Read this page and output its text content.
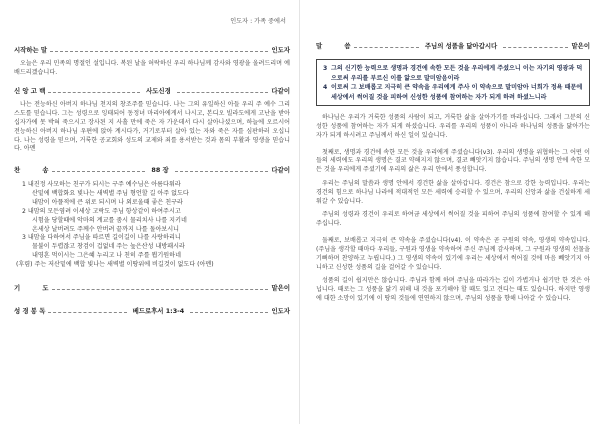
인도자 : 가족 중에서
시작하는 말	인도자

오늘은 우리 민족의 명절인 설입니다. 복된 날을 허락하신 우리 하나님께 감사와 영광을 올려드리며 예배드리겠습니다.

신 앙 고 백	사도신경	다같이

나는 전능하신 아버지 하나님 천지의 창조주를 믿습니다. 나는 그의 유일하신 아들 우리 주 예수 그리스도를 믿습니다. 그는 성령으로 잉태되어 동정녀 마리아에게서 나시고, 본디오 빌라도에게 고난을 받아 십자가에 못 박혀 죽으시고 장사된 지 사흘 만에 죽은 자 가운데서 다시 살아나셨으며, 하늘에 오르시어 전능하신 아버지 하나님 우편에 앉아 계시다가, 거기로부터 살아 있는 자와 죽은 자를 심판하러 오십니다. 나는 성령을 믿으며, 거룩한 공교회와 성도의 교제와 죄를 용서받는 것과 몸의 부활과 영생을 믿습니다. 아멘

찬          송	88 장	다같이
1 내진정 사모하는 친구가 되시는 구주 예수님은 아름다워라
산밑에 백합화요 빛나는 새벽별 주님 형언할 길 아주 없도다
내맘이 아플적에 큰 위로 되시며 나 외로울때 좋은 친구라
2 내맘의 모든염려 이세상 고락도 주님 항상같이 하여주시고
시험을 당할때에 악마의 계교를 줌시 물리치사 나를 지키네
온세상 날버려도 주께수 안버려 끝까지 나를 돌아보시니
3 내맘을 다하여서 주님을 따르면 길이길이 나를 사랑하리니
물불이 두렵잖고 창검이 겁없네 주는 높은산성 내방패시라
내영혼 먹이시는 그은혜 누리고 나 친히 주를 뵙기원하네
(후렴) 주는 저산밑에 백합 빛나는 새벽별 이땅위에 비길것이 없도다 (아멘)
기          도	맡은이
성 경 봉 독	베드로후서 1:3-4	인도자
말          씀	주님의 성품을 닮아갑시다	맡은이
3 그의 신기한 능력으로 생명과 경건에 속한 모든 것을 우리에게 주셨으니 이는 자기의 영광과 덕으로써 우리를 부르신 이를 앎으로 말미암음이라
4 이로써 그 보배롭고 지극히 큰 약속을 우리에게 주사 이 약속으로 말미암아 너희가 정욕 때문에 세상에서 썩어질 것을 피하여 신성한 성품에 참여하는 자가 되게 하려 하셨느니라

하나님은 우리가 거룩한 성품의 사람이 되고, 거룩한 삶을 살아가기를 바라십니다. 그래서 그분의 신성한 성품에 참여하는 자가 되게 하셨습니다. 우리를 우리의 성품이 아니라 하나님의 성품을 닮아가는 자가 되게 하시려고 주님께서 하신 일이 있습니다.

첫째로, 생명과 경건에 속한 모든 것을 우리에게 주셨습니다(v3). 우리의 생명을 위협하는 그 어떤 이들의 세력에도 우리의 생명은 결코 약해지지 않으며, 결코 빼앗기지 않습니다. 주님의 생명 안에 속한 모든 것을 우리에게 주셨기에 우리의 삶은 우리 안에서 풍성합니다.

우리는 주님의 말씀과 생명 안에서 경건한 삶을 살아갑니다. 경건은 참으로 강한 능력입니다. 우리는 경건의 힘으로 하나님 나라에 적대적인 모든 세력에 승리할 수 있으며, 우리의 신앙과 삶을 건실하게 세워갈 수 있습니다.

주님의 성령과 경건이 우리로 하여금 세상에서 썩어질 것을 피하여 주님의 성품에 참여할 수 있게 해주십니다.

둘째로, 보배롭고 지극히 큰 약속을 주셨습니다(v4). 이 약속은 곧 구원의 약속, 영생의 약속입니다. (주님을 생각할 때마다 우리들, 구원과 영생을 약속하여 주신 주님께 감사하며, 그 구원과 영생의 선물을 기뻐하며 찬양하고 누립니다.) 그 영생의 약속이 있기에 우리는 세상에서 썩어질 것에 마음 빼앗기지 아니하고 신성한 성품의 길을 걸어갈 수 있습니다.

성품의 길이 쉽지만은 않습니다. 주님과 함께 하며 주님을 따라가는 길이 가볍거나 쉽기만 한 것은 아닙니다. 때로는 그 성품을 닮기 위해 내 것을 포기해야 할 때도 있고 견디는 때도 있습니다. 하지만 영생에 대한 소망이 있기에 이 땅의 것들에 연연하지 않으며, 주님의 성품을 향해 나아갈 수 있습니다.
